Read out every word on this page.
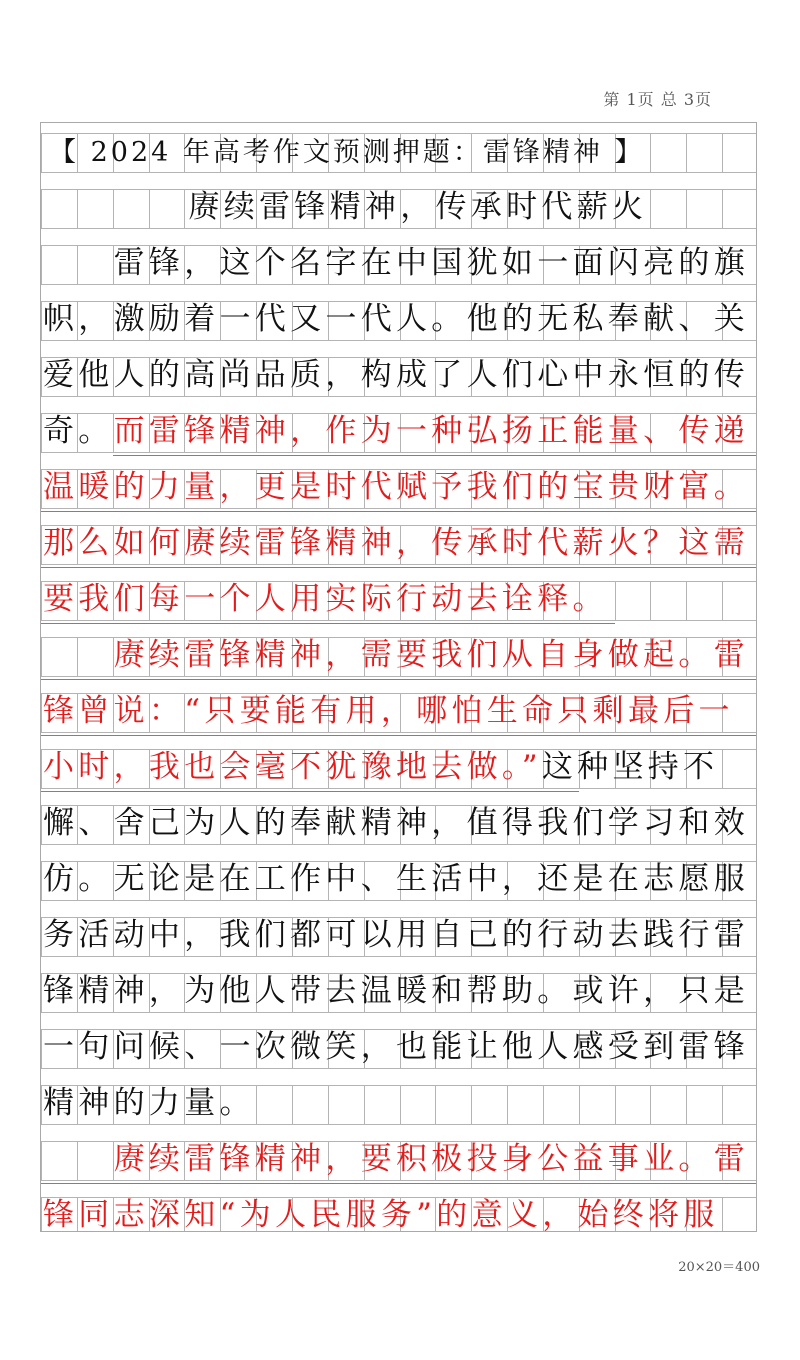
第 1页 总 3页
【 2024 年高考作文预测押题：雷锋精神 】
赓续雷锋精神，传承时代薪火
　　雷锋，这个名字在中国犹如一面闪亮的旗
帜，激励着一代又一代人。他的无私奉献、关
爱他人的高尚品质，构成了人们心中永恒的传
奇。而雷锋精神，作为一种弘扬正能量、传递
温暖的力量，更是时代赋予我们的宝贵财富。
那么如何赓续雷锋精神，传承时代薪火？这需
要我们每一个人用实际行动去诠释。
　　赓续雷锋精神，需要我们从自身做起。雷
锋曾说：“只要能有用，哪怕生命只剩最后一
小时，我也会毫不犹豫地去做。”这种坚持不
懈、舍己为人的奉献精神，值得我们学习和效
仿。无论是在工作中、生活中，还是在志愿服
务活动中，我们都可以用自己的行动去践行雷
锋精神，为他人带去温暖和帮助。或许，只是
一句问候、一次微笑，也能让他人感受到雷锋
精神的力量。
　　赓续雷锋精神，要积极投身公益事业。雷
锋同志深知“为人民服务”的意义，始终将服
20×20＝400
